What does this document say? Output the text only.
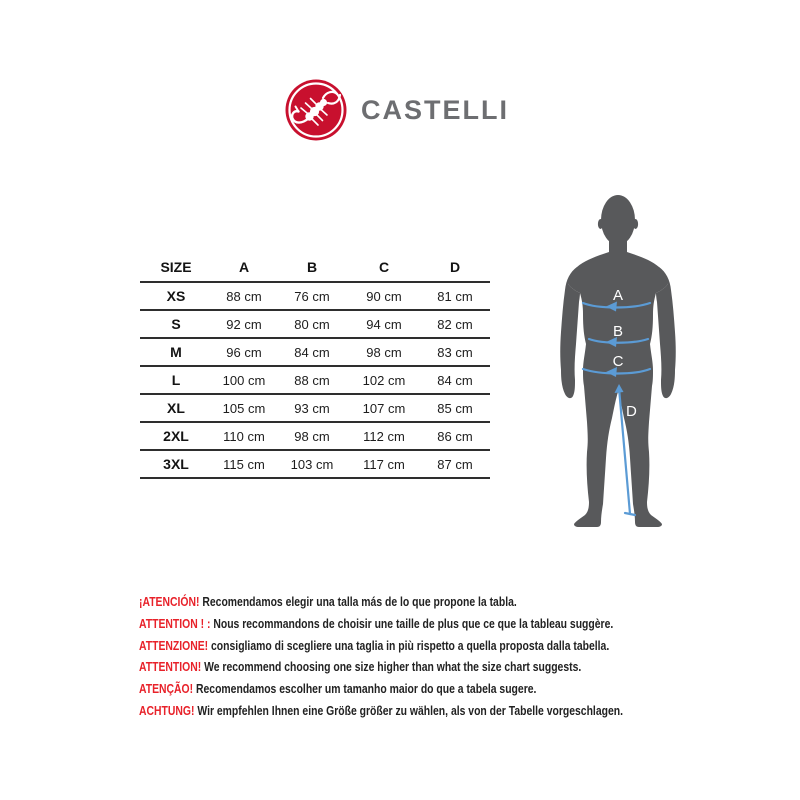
CASTELLI
SIZE	A	B	C	D
XS	88 cm	76 cm	90 cm	81 cm
S	92 cm	80 cm	94 cm	82 cm
M	96 cm	84 cm	98 cm	83 cm
L	100 cm	88 cm	102 cm	84 cm
XL	105 cm	93 cm	107 cm	85 cm
2XL	110 cm	98 cm	112 cm	86 cm
3XL	115 cm	103 cm	117 cm	87 cm
A
B
C
D

¡ATENCIÓN! Recomendamos elegir una talla más de lo que propone la tabla.

ATTENTION ! : Nous recommandons de choisir une taille de plus que ce que la tableau suggère.

ATTENZIONE! consigliamo di scegliere una taglia in più rispetto a quella proposta dalla tabella.

ATTENTION! We recommend choosing one size higher than what the size chart suggests.

ATENÇÃO! Recomendamos escolher um tamanho maior do que a tabela sugere.

ACHTUNG! Wir empfehlen Ihnen eine Größe größer zu wählen, als von der Tabelle vorgeschlagen.
